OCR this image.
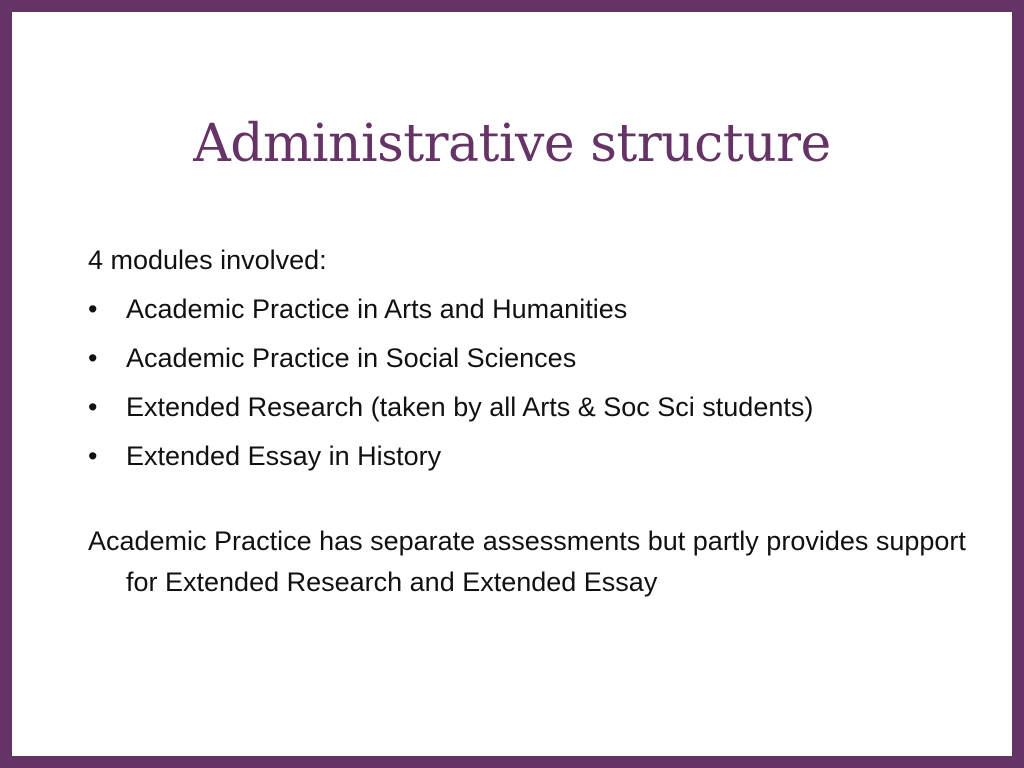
Administrative structure

4 modules involved:

•	Academic Practice in Arts and Humanities
•	Academic Practice in Social Sciences
•	Extended Research (taken by all Arts & Soc Sci students)
•	Extended Essay in History

Academic Practice has separate assessments but partly provides support for Extended Research and Extended Essay
